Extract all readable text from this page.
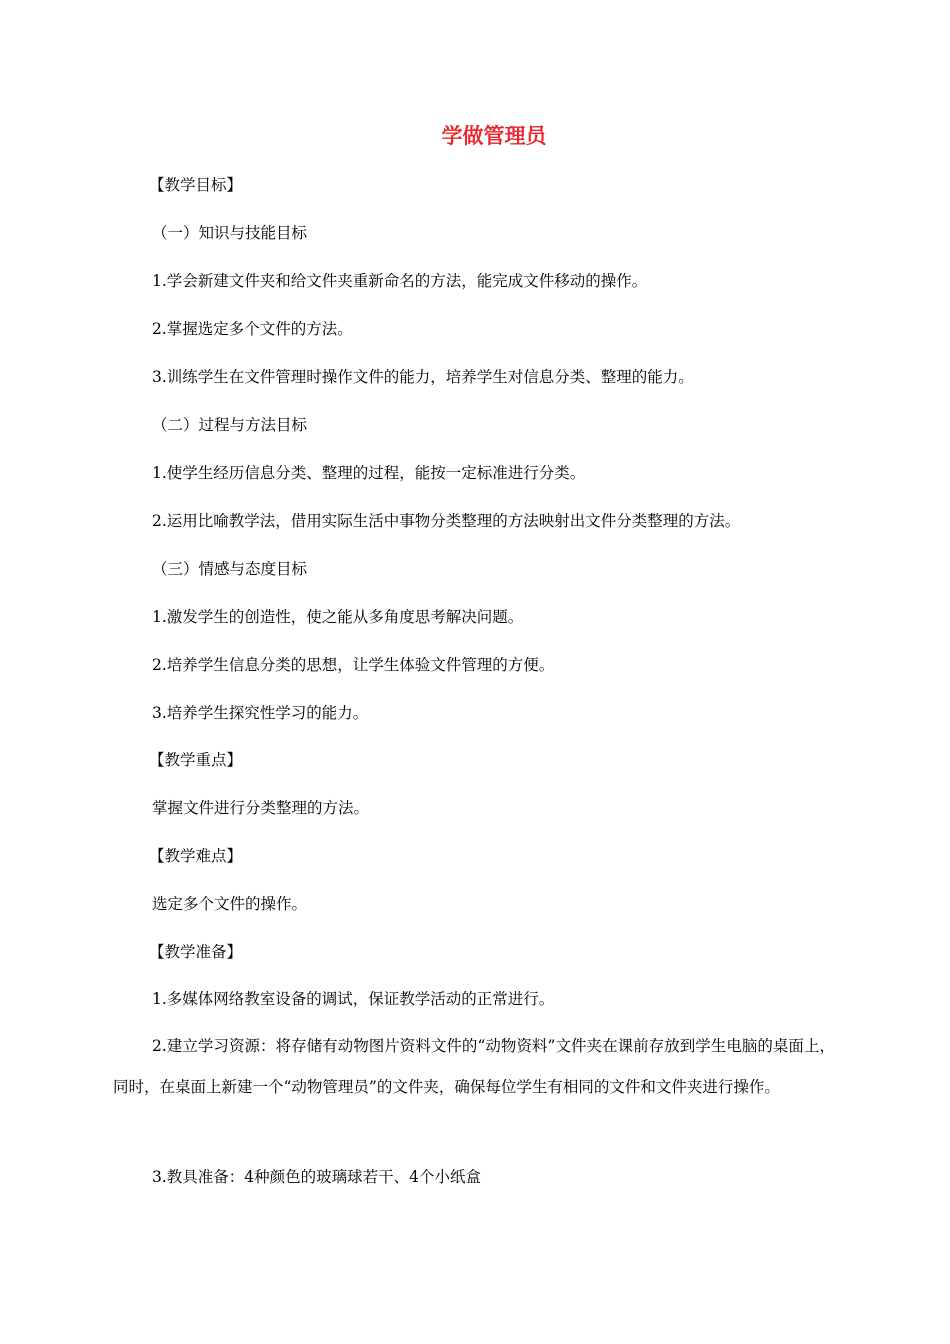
学做管理员
【教学目标】
（一）知识与技能目标
1.学会新建文件夹和给文件夹重新命名的方法，能完成文件移动的操作。
2.掌握选定多个文件的方法。
3.训练学生在文件管理时操作文件的能力，培养学生对信息分类、整理的能力。
（二）过程与方法目标
1.使学生经历信息分类、整理的过程，能按一定标准进行分类。
2.运用比喻教学法，借用实际生活中事物分类整理的方法映射出文件分类整理的方法。
（三）情感与态度目标
1.激发学生的创造性，使之能从多角度思考解决问题。
2.培养学生信息分类的思想，让学生体验文件管理的方便。
3.培养学生探究性学习的能力。
【教学重点】
掌握文件进行分类整理的方法。
【教学难点】
选定多个文件的操作。
【教学准备】
1.多媒体网络教室设备的调试，保证教学活动的正常进行。
2.建立学习资源：将存储有动物图片资料文件的“动物资料”文件夹在课前存放到学生电脑的桌面上，同时，在桌面上新建一个“动物管理员”的文件夹，确保每位学生有相同的文件和文件夹进行操作。
3.教具准备：4种颜色的玻璃球若干、4个小纸盒
